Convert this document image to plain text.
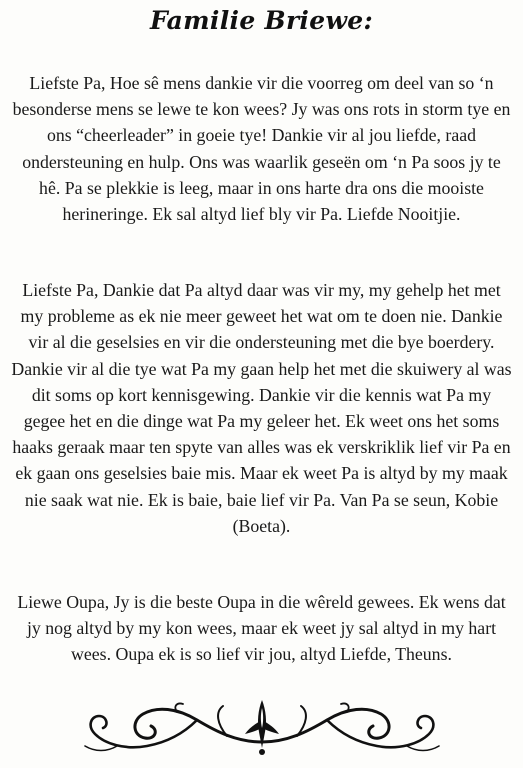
Familie Briewe:

Liefste Pa, Hoe sê mens dankie vir die voorreg om deel van so ‘n besonderse mens se lewe te kon wees? Jy was ons rots in storm tye en ons “cheerleader” in goeie tye! Dankie vir al jou liefde, raad ondersteuning en hulp. Ons was waarlik geseën om ‘n Pa soos jy te hê. Pa se plekkie is leeg, maar in ons harte dra ons die mooiste herineringe. Ek sal altyd lief bly vir Pa. Liefde Nooitjie.

Liefste Pa, Dankie dat Pa altyd daar was vir my, my gehelp het met my probleme as ek nie meer geweet het wat om te doen nie. Dankie vir al die geselsies en vir die ondersteuning met die bye boerdery. Dankie vir al die tye wat Pa my gaan help het met die skuiwery al was dit soms op kort kennisgewing. Dankie vir die kennis wat Pa my gegee het en die dinge wat Pa my geleer het. Ek weet ons het soms haaks geraak maar ten spyte van alles was ek verskriklik lief vir Pa en ek gaan ons geselsies baie mis. Maar ek weet Pa is altyd by my maak nie saak wat nie. Ek is baie, baie lief vir Pa. Van Pa se seun, Kobie (Boeta).

Liewe Oupa, Jy is die beste Oupa in die wêreld gewees. Ek wens dat jy nog altyd by my kon wees, maar ek weet jy sal altyd in my hart wees. Oupa ek is so lief vir jou, altyd Liefde, Theuns.
